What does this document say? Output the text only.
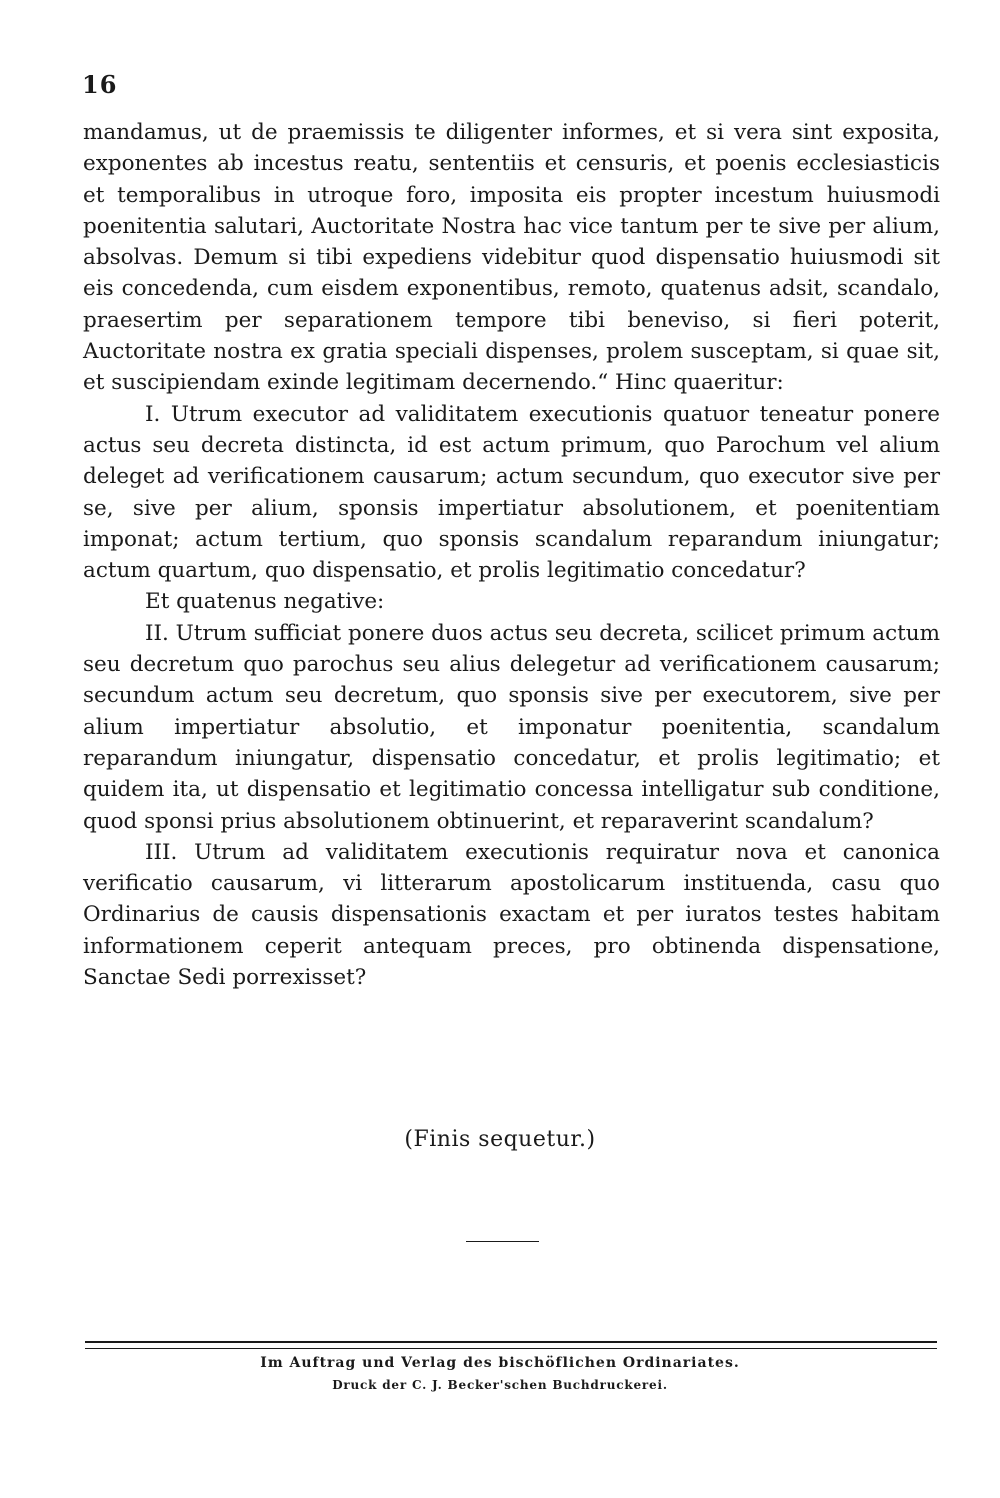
16

mandamus, ut de praemissis te diligenter informes, et si vera sint exposita, exponentes ab incestus reatu, sententiis et censuris, et poenis ecclesiasticis et temporalibus in utroque foro, imposita eis propter incestum huiusmodi poenitentia salutari, Auctoritate Nostra hac vice tantum per te sive per alium, absolvas. Demum si tibi expediens videbitur quod dispensatio huiusmodi sit eis concedenda, cum eisdem exponentibus, remoto, quatenus adsit, scandalo, praesertim per separationem tempore tibi beneviso, si fieri poterit, Auctoritate nostra ex gratia speciali dispenses, prolem susceptam, si quae sit, et suscipiendam exinde legitimam decernendo.“ Hinc quaeritur:

I. Utrum executor ad validitatem executionis quatuor teneatur ponere actus seu decreta distincta, id est actum primum, quo Parochum vel alium deleget ad verificationem causarum; actum secundum, quo executor sive per se, sive per alium, sponsis impertiatur absolutionem, et poenitentiam imponat; actum tertium, quo sponsis scandalum reparandum iniungatur; actum quartum, quo dispensatio, et prolis legitimatio concedatur?

Et quatenus negative:

II. Utrum sufficiat ponere duos actus seu decreta, scilicet primum actum seu decretum quo parochus seu alius delegetur ad verificationem causarum; secundum actum seu decretum, quo sponsis sive per executorem, sive per alium impertiatur absolutio, et imponatur poenitentia, scandalum reparandum iniungatur, dispensatio concedatur, et prolis legitimatio; et quidem ita, ut dispensatio et legitimatio concessa intelligatur sub conditione, quod sponsi prius absolutionem obtinuerint, et reparaverint scandalum?

III. Utrum ad validitatem executionis requiratur nova et canonica verificatio causarum, vi litterarum apostolicarum instituenda, casu quo Ordinarius de causis dispensationis exactam et per iuratos testes habitam informationem ceperit antequam preces, pro obtinenda dispensatione, Sanctae Sedi porrexisset?

(Finis sequetur.)
Im Auftrag und Verlag des bischöflichen Ordinariates.
Druck der C. J. Becker'schen Buchdruckerei.
